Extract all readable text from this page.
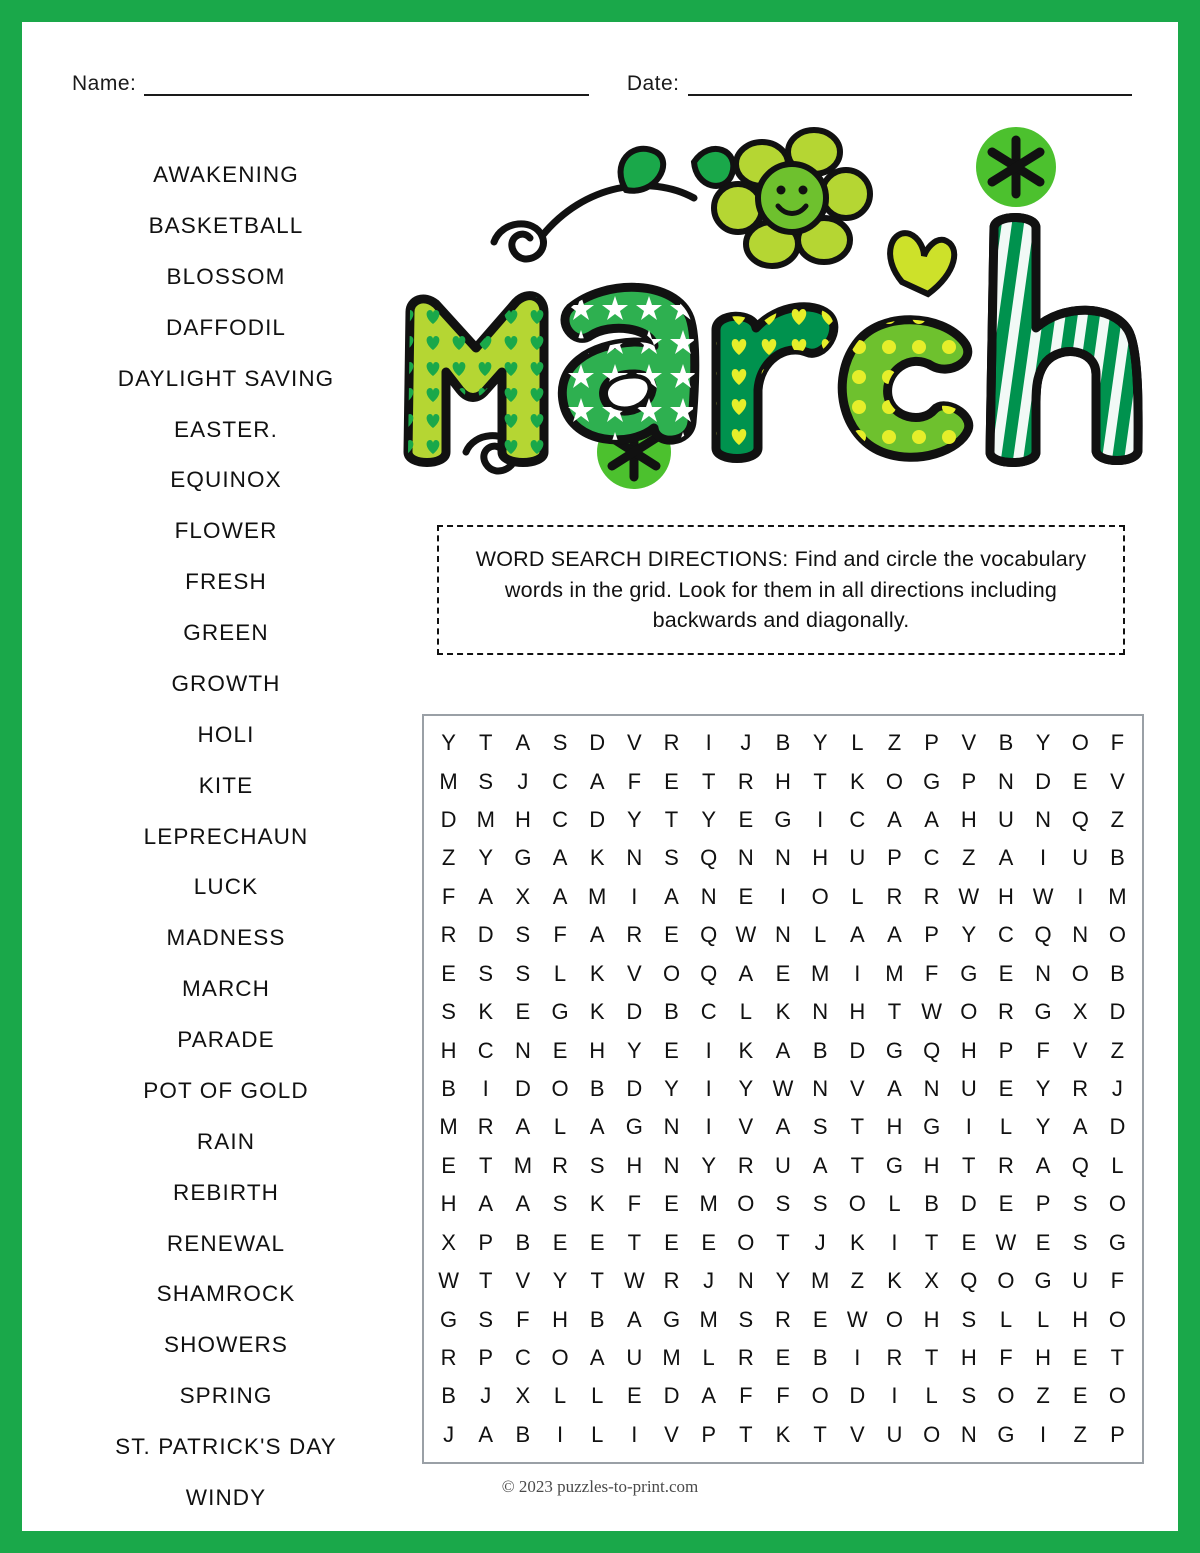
Name:	Date:
AWAKENING
BASKETBALL
BLOSSOM
DAFFODIL
DAYLIGHT SAVING
EASTER.
EQUINOX
FLOWER
FRESH
GREEN
GROWTH
HOLI
KITE
LEPRECHAUN
LUCK
MADNESS
MARCH
PARADE
POT OF GOLD
RAIN
REBIRTH
RENEWAL
SHAMROCK
SHOWERS
SPRING
ST. PATRICK'S DAY
WINDY

WORD SEARCH DIRECTIONS: Find and circle the vocabulary words in the grid. Look for them in all directions including backwards and diagonally.

Y	T	A	S D V R	I	J	B	Y	L	Z	P	V	B	Y O F
M S	J	C A	F	E	T	R H	T	K O G P N D E	V
D M H C D Y	T	Y	E G	I	C A	A H U N Q Z
Z	Y G A	K N S Q N N H U P C	Z	A	I	U B
F	A	X	A M	I	A N E	I	O	L	R R W H W	I	M
R D S	F	A R E Q W N	L	A	A	P	Y C Q N O
E	S	S	L	K	V O Q A	E M	I	M F G E N O B
S	K	E G K D B C	L	K N H	T W O R G X D
H C N E H Y	E	I	K	A	B D G Q H P	F	V	Z
B	I	D O B D Y	I	Y W N V	A N U E	Y R	J
M R A	L	A G N	I	V	A	S	T	H G	I	L	Y	A D
E	T M R S H N Y R U A	T G H	T	R A Q	L
H A	A	S	K	F	E M O S	S O	L	B D E	P	S O
X	P	B	E	E	T	E	E O T	J	K	I	T	E W E	S G
W T	V	Y	T W R	J	N Y M Z	K	X Q O G U	F
G S	F	H B	A G M S R E W O H S	L	L	H O
R P C O A U M L	R E	B	I	R	T	H	F	H E	T
B	J	X	L	L	E D A	F	F O D	I	L	S O Z	E O
J	A	B	I	L	I	V	P	T	K	T	V U O N G	I	Z	P
© 2023 puzzles-to-print.com
